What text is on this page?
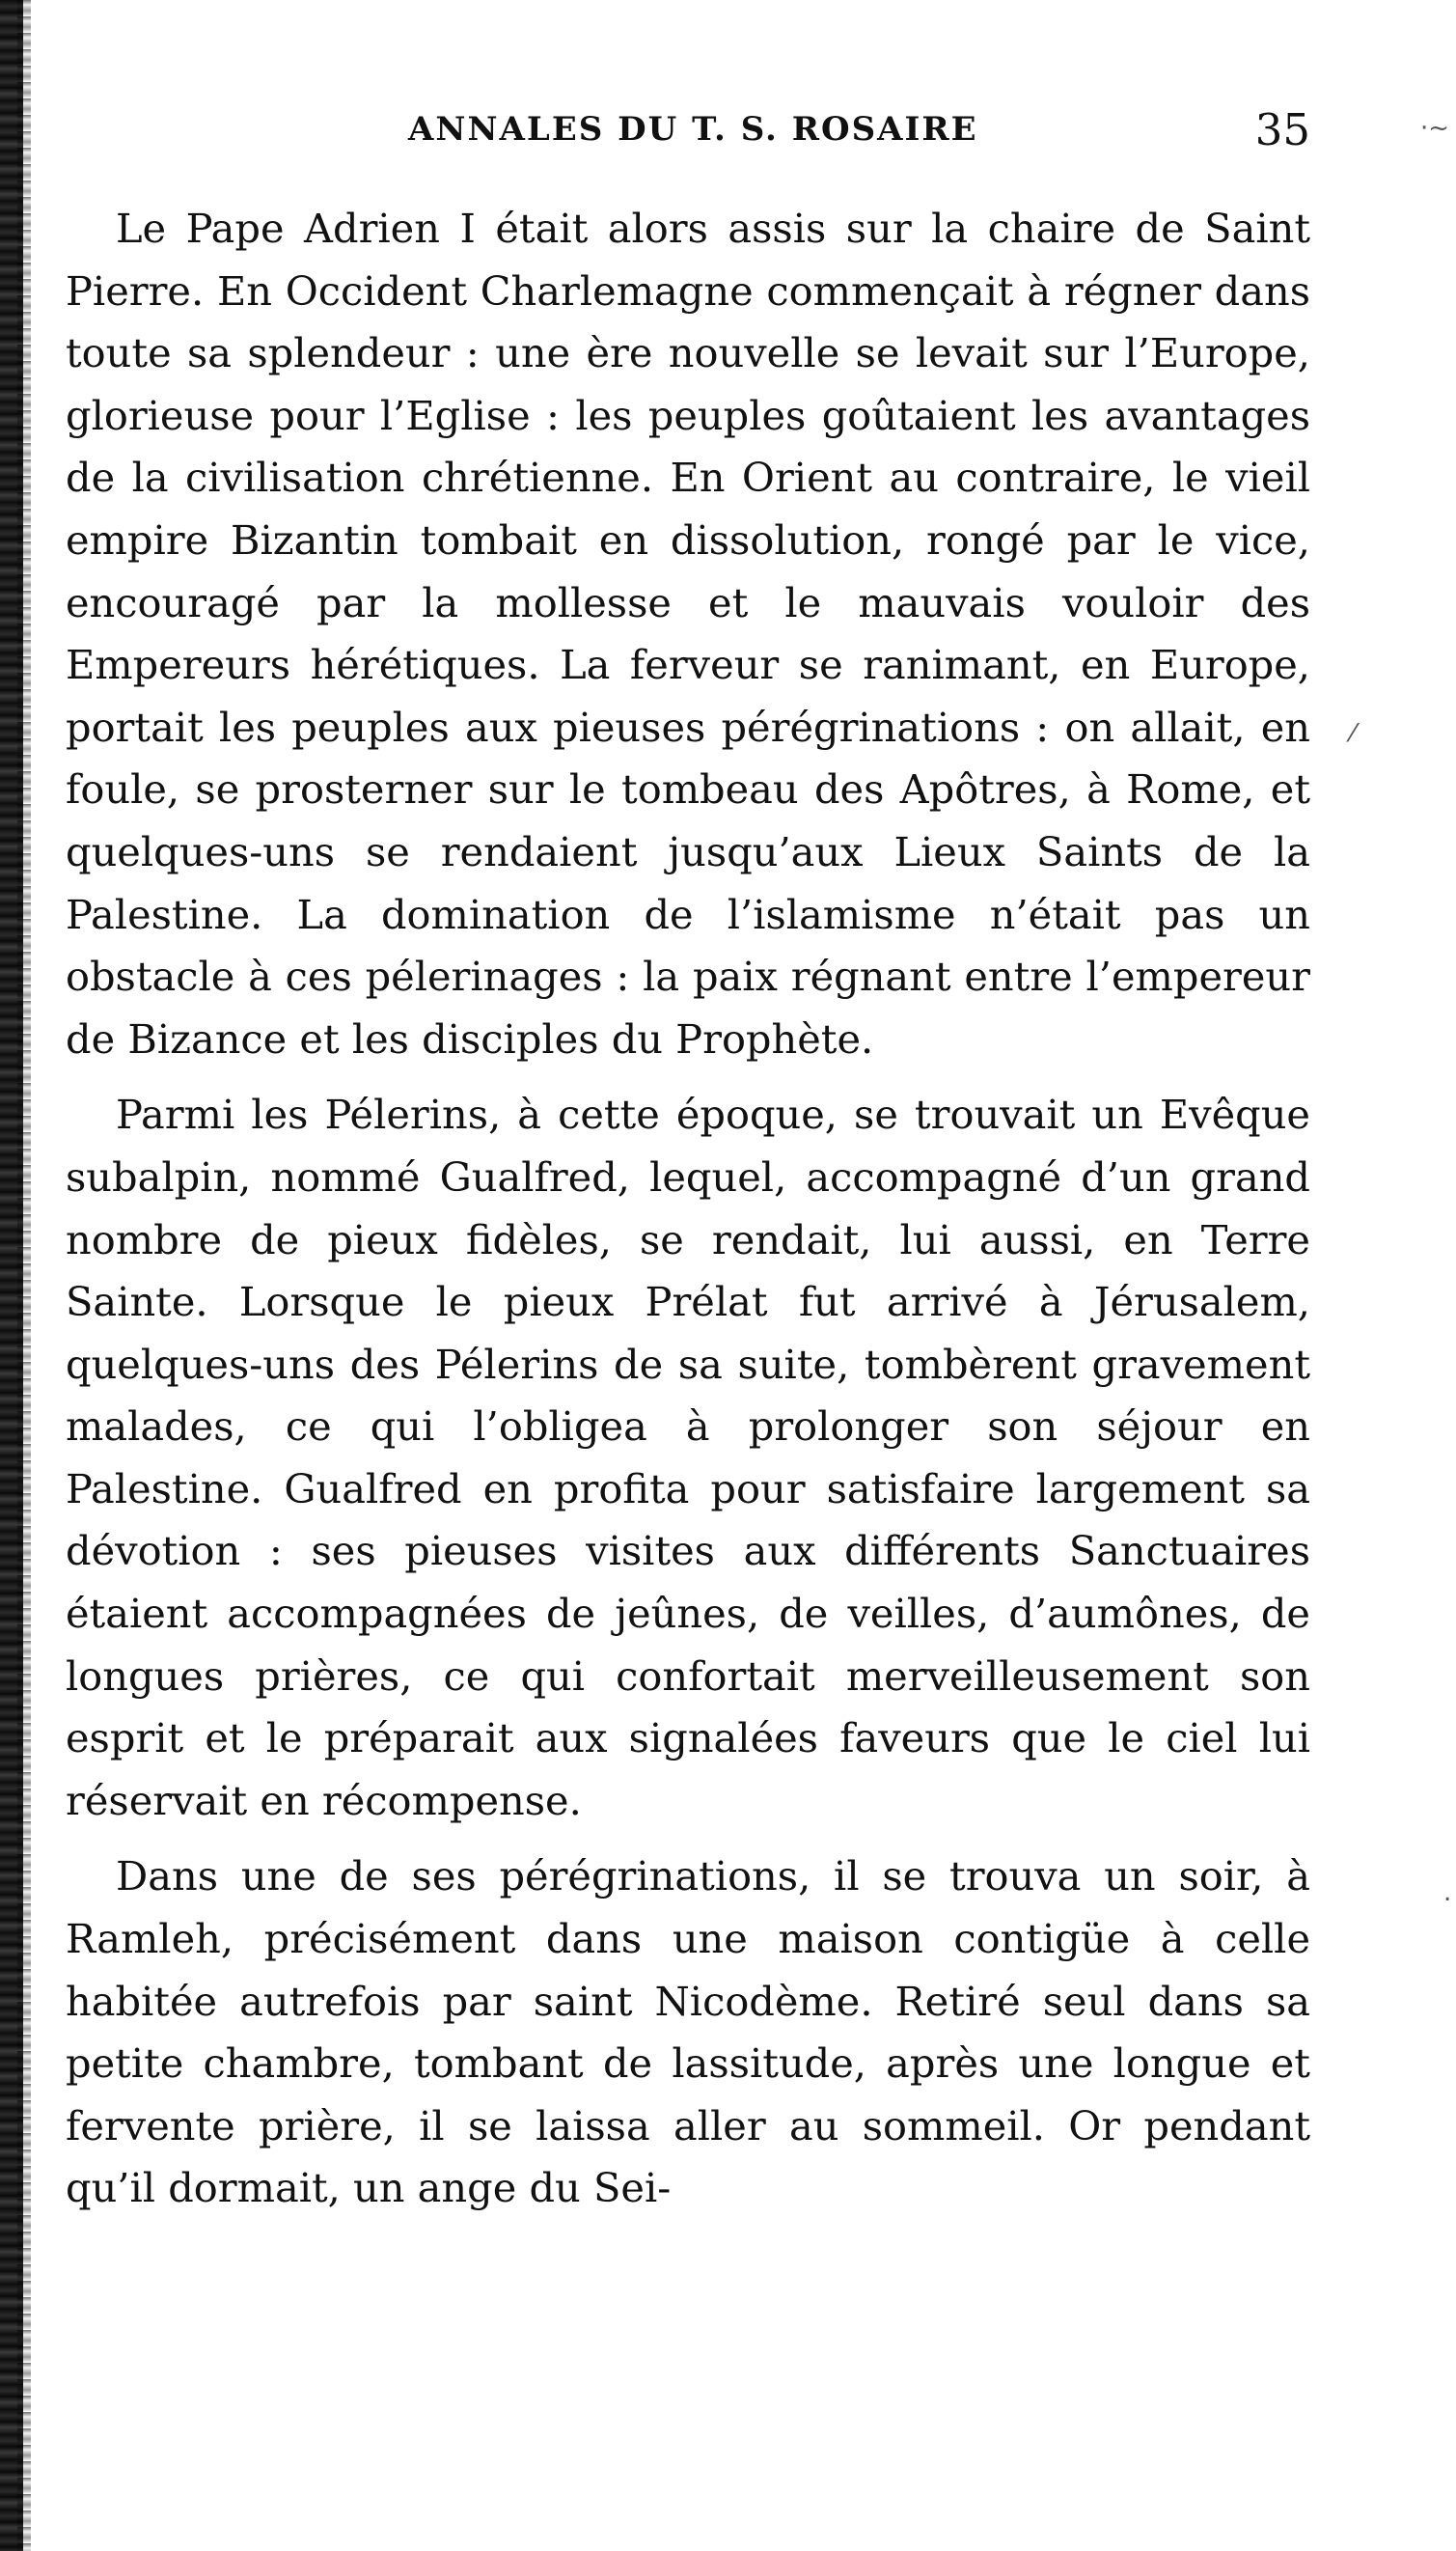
ANNALES DU T. S. ROSAIRE	35	·~
⁄
.

Le Pape Adrien I était alors assis sur la chaire de Saint Pierre. En Occident Charlemagne commençait à régner dans toute sa splendeur : une ère nouvelle se levait sur l’Europe, glorieuse pour l’Eglise : les peuples goûtaient les avantages de la civilisation chrétienne. En Orient au contraire, le vieil empire Bizantin tombait en dissolution, rongé par le vice, encouragé par la mollesse et le mauvais vouloir des Empereurs hérétiques. La ferveur se ranimant, en Europe, portait les peuples aux pieuses pérégrinations : on allait, en foule, se prosterner sur le tombeau des Apôtres, à Rome, et quelques-uns se rendaient jusqu’aux Lieux Saints de la Palestine. La domination de l’islamisme n’était pas un obstacle à ces pélerinages : la paix régnant entre l’empereur de Bizance et les disciples du Prophète.

Parmi les Pélerins, à cette époque, se trouvait un Evêque subalpin, nommé Gualfred, lequel, accompagné d’un grand nombre de pieux fidèles, se rendait, lui aussi, en Terre Sainte. Lorsque le pieux Prélat fut arrivé à Jérusalem, quelques-uns des Pélerins de sa suite, tombèrent gravement malades, ce qui l’obligea à prolonger son séjour en Palestine. Gualfred en profita pour satisfaire largement sa dévotion : ses pieuses visites aux différents Sanctuaires étaient accompagnées de jeûnes, de veilles, d’aumônes, de longues prières, ce qui confortait merveilleusement son esprit et le préparait aux signalées faveurs que le ciel lui réservait en récompense.

Dans une de ses pérégrinations, il se trouva un soir, à Ramleh, précisément dans une maison contigüe à celle habitée autrefois par saint Nicodème. Retiré seul dans sa petite chambre, tombant de lassitude, après une longue et fervente prière, il se laissa aller au sommeil. Or pendant qu’il dormait, un ange du Sei-
